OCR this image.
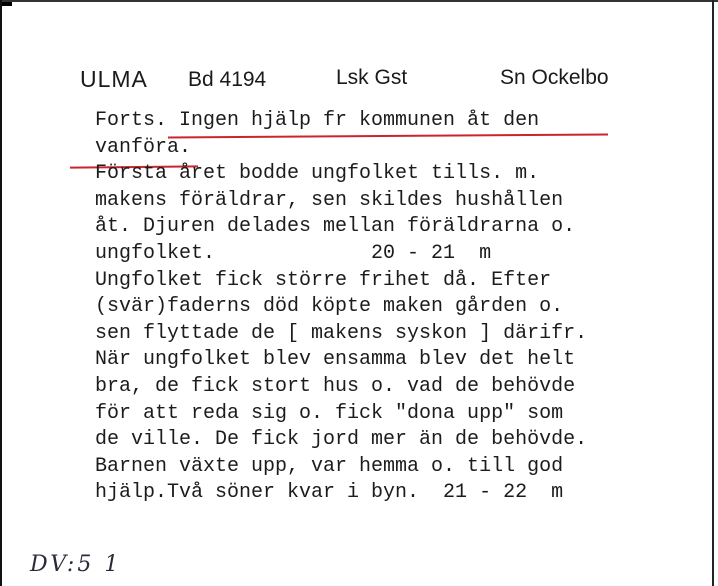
ULMA Bd 4194	Lsk Gst	Sn Ockelbo
Forts. Ingen hjälp fr kommunen åt den
vanföra.
Första året bodde ungfolket tills. m.
makens föräldrar, sen skildes hushållen
åt. Djuren delades mellan föräldrarna o.
ungfolket.             20 - 21  m
Ungfolket fick större frihet då. Efter
(svär)faderns död köpte maken gården o.
sen flyttade de [ makens syskon ] därifr.
När ungfolket blev ensamma blev det helt
bra, de fick stort hus o. vad de behövde
för att reda sig o. fick "dona upp" som
de ville. De fick jord mer än de behövde.
Barnen växte upp, var hemma o. till god
hjälp.Två söner kvar i byn.  21 - 22  m
DV:5 1
